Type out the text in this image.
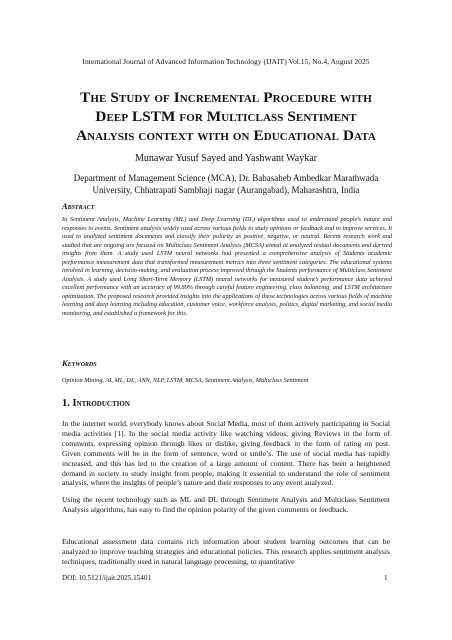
International Journal of Advanced Information Technology (IJAIT) Vol.15, No.4, August 2025
The Study of Incremental Procedure with
Deep LSTM for Multiclass Sentiment
Analysis context with on Educational Data
Munawar Yusuf Sayed and Yashwant Waykar
Department of Management Science (MCA), Dr. Babasaheb Ambedkar Marathwada
University, Chhatrapati Sambhaji nagar (Aurangabad), Maharashtra, India
Abstract
In Sentiment Analysis, Machine Learning (ML) and Deep Learning (DL) algorithms used to understand people’s nature and responses to events. Sentiment analysis widely used across various fields to study opinions or feedback and to improve services. It used to analyzed sentiment documents and classify their polarity as positive, negative, or neutral. Recent research work and studied that are ongoing are focused on Multiclass Sentiment Analysis (MCSA) aimed at analyzed textual documents and derived insights from them. A study used LSTM neural networks had presented a comprehensive analysis of Students academic performance measurement data that transformed measurement metrics into three sentiment categories. The educational systems involved in learning, decision-making, and evaluation process improved through the Students performance of Multiclass Sentiment Analysis. A study used Long Short-Term Memory (LSTM) neural networks for measured student’s performance data achieved excellent performance with an accuracy of 99.89% through careful feature engineering, class balancing, and LSTM architecture optimization. The proposed research provided insights into the applications of these technologies across various fields of machine learning and deep learning including education, customer voice, workforce analysis, politics, digital marketing, and social media monitoring, and established a framework for this.
Keywords
Opinion Mining, AI, ML, DL, ANN, NLP, LSTM, MCSA, Sentiment Analysis, Multiclass Sentiment
1. Introduction
In the internet world, everybody knows about Social Media, most of them actively participating in Social media activities [1]. In the social media activity like watching videos, giving Reviews in the form of comments, expressing opinion through likes or dislike, giving feedback in the form of rating on post. Given comments will be in the form of sentence, word or smile’s. The use of social media has rapidly increased, and this has led to the creation of a large amount of content. There has been a heightened demand in society to study insight from people, making it essential to understand the role of sentiment analysis, where the insights of people’s nature and their responses to any event analyzed.
Using the recent technology such as ML and DL through Sentiment Analysis and Multiclass Sentiment Analysis algorithms, has easy to find the opinion polarity of the given comments or feedback.
Educational assessment data contains rich information about student learning outcomes that can be analyzed to improve teaching strategies and educational policies. This research applies sentiment analysis techniques, traditionally used in natural language processing, to quantitative
DOI: 10.5121/ijait.2025.15401	1
